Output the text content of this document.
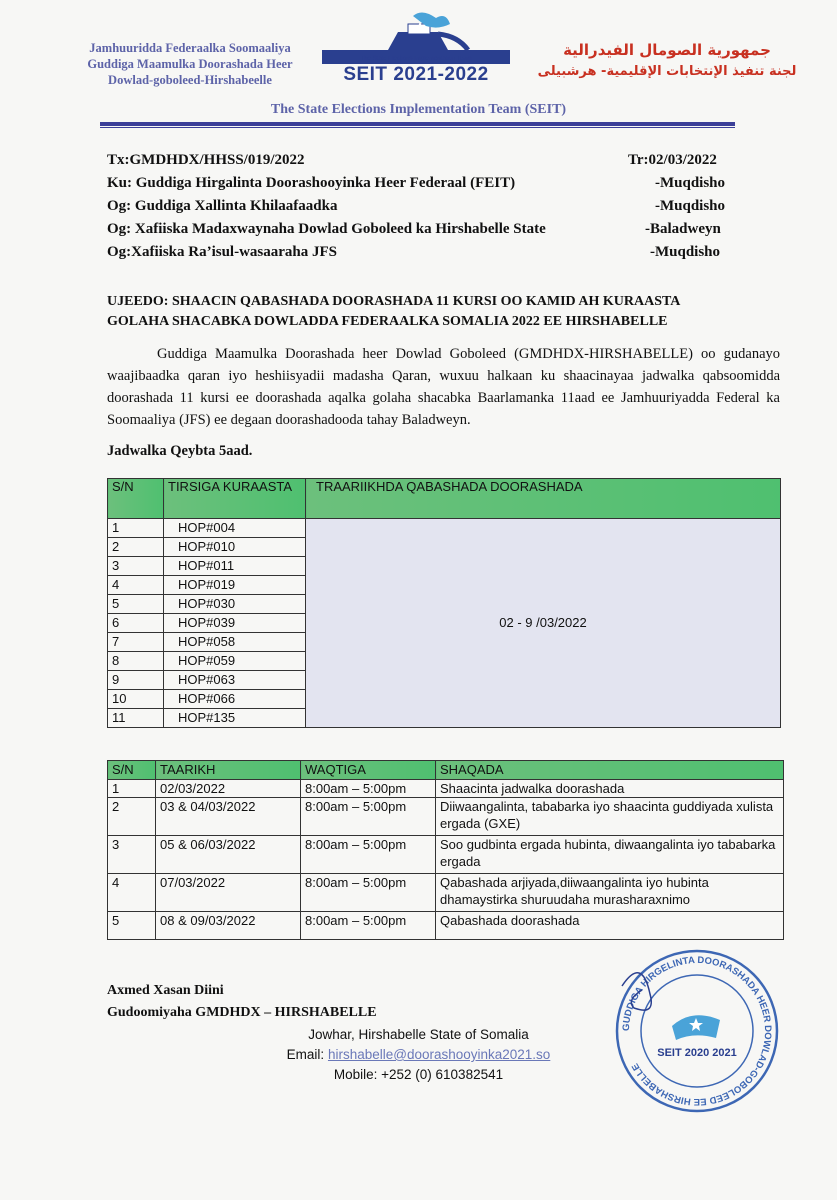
Jamhuuridda Federaalka Soomaaliya
Guddiga Maamulka Doorashada Heer
Dowlad-goboleed-Hirshabeelle
The State Elections Implementation Team
SEIT 2021-2022
جمهورية الصومال الفيدرالية
لجنة تنفيذ الإنتخابات الإقليمية- هرشبيلى
The State Elections Implementation Team (SEIT)
Tx:GMDHDX/HHSS/019/2022	Tr:02/03/2022
Ku: Guddiga Hirgalinta Doorashooyinka Heer Federaal (FEIT)	-Muqdisho
Og: Guddiga Xallinta Khilaafaadka	-Muqdisho
Og: Xafiiska Madaxwaynaha Dowlad Goboleed ka Hirshabelle State	-Baladweyn
Og:Xafiiska Ra’isul-wasaaraha JFS	-Muqdisho
UJEEDO: SHAACIN QABASHADA DOORASHADA 11 KURSI OO KAMID AH KURAASTA
GOLAHA SHACABKA DOWLADDA FEDERAALKA SOMALIA 2022 EE HIRSHABELLE

Guddiga Maamulka Doorashada heer Dowlad Goboleed (GMDHDX-HIRSHABELLE) oo gudanayo waajibaadka qaran iyo heshiisyadii madasha Qaran, wuxuu halkaan ku shaacinayaa jadwalka qabsoomidda doorashada 11 kursi ee doorashada aqalka golaha shacabka Baarlamanka 11aad ee Jamhuuriyadda Federal ka Soomaaliya (JFS) ee degaan doorashadooda tahay Baladweyn.

Jadwalka Qeybta 5aad.
S/N	TIRSIGA KURAASTA	TRAARIIKHDA QABASHADA DOORASHADA
1	HOP#004	02 - 9 /03/2022
2	HOP#010	
3	HOP#011	
4	HOP#019	
5	HOP#030	
6	HOP#039	
7	HOP#058	
8	HOP#059	
9	HOP#063	
10	HOP#066	
11	HOP#135	
S/N	TAARIKH	WAQTIGA	SHAQADA
1	02/03/2022	8:00am – 5:00pm	Shaacinta jadwalka doorashada
2	03 & 04/03/2022	8:00am – 5:00pm	Diiwaangalinta, tababarka iyo shaacinta guddiyada xulista ergada (GXE)
3	05 & 06/03/2022	8:00am – 5:00pm	Soo gudbinta ergada hubinta, diwaangalinta iyo tababarka ergada
4	07/03/2022	8:00am – 5:00pm	Qabashada arjiyada,diiwaangalinta iyo hubinta dhamaystirka shuruudaha murasharaxnimo
5	08 & 09/03/2022	8:00am – 5:00pm	Qabashada doorashada
Axmed Xasan Diini
Gudoomiyaha GMDHDX – HIRSHABELLE
Jowhar, Hirshabelle State of Somalia
Email: hirshabelle@doorashooyinka2021.so
Mobile: +252 (0) 610382541
GUDDIGA HIRGELINTA DOORASHADA HEER DOWLAD-GOBOLEED EE HIRSHABELLE
SEIT 2020 2021
